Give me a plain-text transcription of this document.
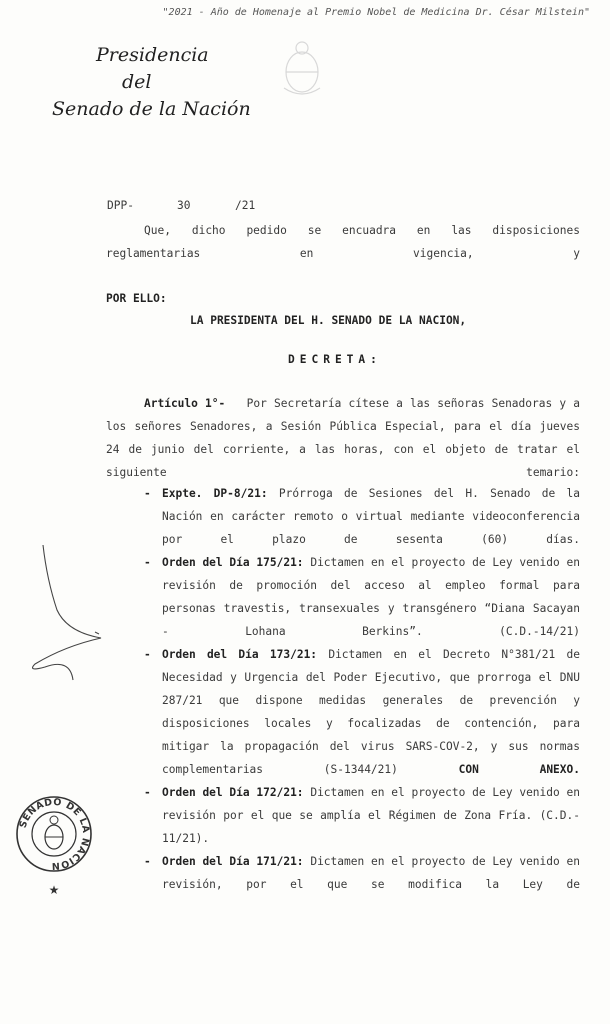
"2021 - Año de Homenaje al Premio Nobel de Medicina Dr. César Milstein"
Presidencia
del
Senado de la Nación
DPP-	30	/21
Que, dicho pedido se encuadra en las disposiciones reglamentarias en vigencia, y
POR ELLO:
LA PRESIDENTA DEL H. SENADO DE LA NACION,
DECRETA:
Artículo 1°- Por Secretaría cítese a las señoras Senadoras y a los señores Senadores, a Sesión Pública Especial, para el día jueves 24 de junio del corriente, a las horas, con el objeto de tratar el siguiente temario:
- Expte. DP-8/21: Prórroga de Sesiones del H. Senado de la Nación en carácter remoto o virtual mediante videoconferencia por el plazo de sesenta (60) días.
- Orden del Día 175/21: Dictamen en el proyecto de Ley venido en revisión de promoción del acceso al empleo formal para personas travestis, transexuales y transgénero “Diana Sacayan - Lohana Berkins”. (C.D.-14/21)
- Orden del Día 173/21: Dictamen en el Decreto N°381/21 de Necesidad y Urgencia del Poder Ejecutivo, que prorroga el DNU 287/21 que dispone medidas generales de prevención y disposiciones locales y focalizadas de contención, para mitigar la propagación del virus SARS-COV-2, y sus normas complementarias (S-1344/21)	CON ANEXO.
- Orden del Día 172/21: Dictamen en el proyecto de Ley venido en revisión por el que se amplía el Régimen de Zona Fría. (C.D.- 11/21).
- Orden del Día 171/21: Dictamen en el proyecto de Ley venido en revisión, por el que se modifica la Ley de
SENADO DE LA NACION
★
